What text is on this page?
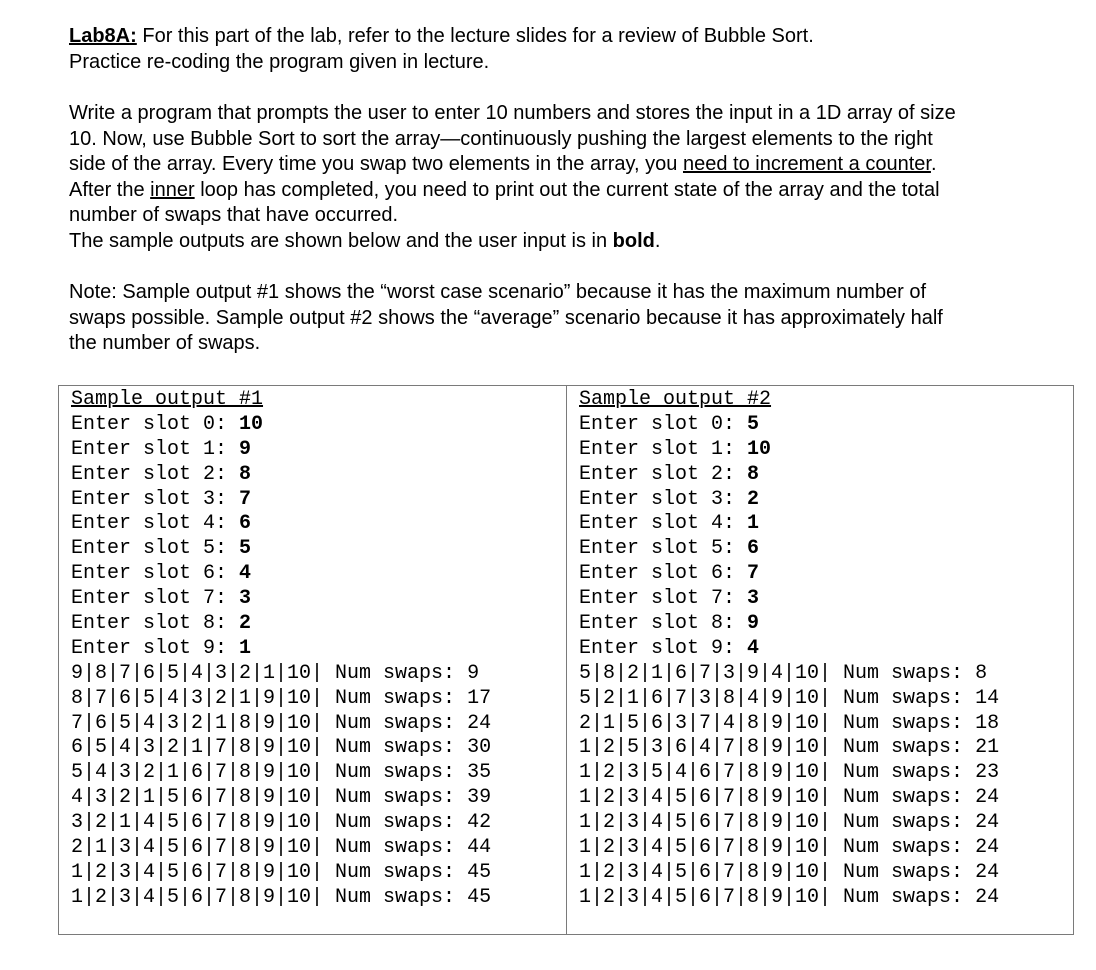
Lab8A: For this part of the lab, refer to the lecture slides for a review of Bubble Sort.
Practice re-coding the program given in lecture.

Write a program that prompts the user to enter 10 numbers and stores the input in a 1D array of size
10. Now, use Bubble Sort to sort the array—continuously pushing the largest elements to the right
side of the array. Every time you swap two elements in the array, you need to increment a counter.
After the inner loop has completed, you need to print out the current state of the array and the total
number of swaps that have occurred.
The sample outputs are shown below and the user input is in bold.

Note: Sample output #1 shows the “worst case scenario” because it has the maximum number of
swaps possible. Sample output #2 shows the “average” scenario because it has approximately half
the number of swaps.

Sample output #1
Enter slot 0: 10
Enter slot 1: 9
Enter slot 2: 8
Enter slot 3: 7
Enter slot 4: 6
Enter slot 5: 5
Enter slot 6: 4
Enter slot 7: 3
Enter slot 8: 2
Enter slot 9: 1
9|8|7|6|5|4|3|2|1|10| Num swaps: 9
8|7|6|5|4|3|2|1|9|10| Num swaps: 17
7|6|5|4|3|2|1|8|9|10| Num swaps: 24
6|5|4|3|2|1|7|8|9|10| Num swaps: 30
5|4|3|2|1|6|7|8|9|10| Num swaps: 35
4|3|2|1|5|6|7|8|9|10| Num swaps: 39
3|2|1|4|5|6|7|8|9|10| Num swaps: 42
2|1|3|4|5|6|7|8|9|10| Num swaps: 44
1|2|3|4|5|6|7|8|9|10| Num swaps: 45
1|2|3|4|5|6|7|8|9|10| Num swaps: 45
Sample output #2
Enter slot 0: 5
Enter slot 1: 10
Enter slot 2: 8
Enter slot 3: 2
Enter slot 4: 1
Enter slot 5: 6
Enter slot 6: 7
Enter slot 7: 3
Enter slot 8: 9
Enter slot 9: 4
5|8|2|1|6|7|3|9|4|10| Num swaps: 8
5|2|1|6|7|3|8|4|9|10| Num swaps: 14
2|1|5|6|3|7|4|8|9|10| Num swaps: 18
1|2|5|3|6|4|7|8|9|10| Num swaps: 21
1|2|3|5|4|6|7|8|9|10| Num swaps: 23
1|2|3|4|5|6|7|8|9|10| Num swaps: 24
1|2|3|4|5|6|7|8|9|10| Num swaps: 24
1|2|3|4|5|6|7|8|9|10| Num swaps: 24
1|2|3|4|5|6|7|8|9|10| Num swaps: 24
1|2|3|4|5|6|7|8|9|10| Num swaps: 24
